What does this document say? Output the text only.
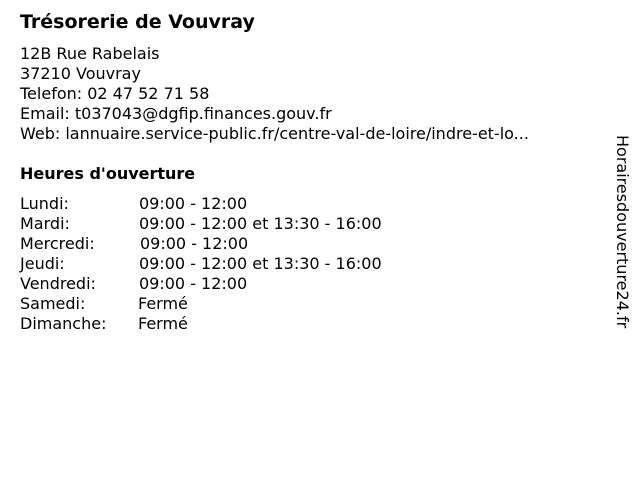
Trésorerie de Vouvray
12B Rue Rabelais
37210 Vouvray
Telefon: 02 47 52 71 58
Email: t037043@dgfip.finances.gouv.fr
Web: lannuaire.service-public.fr/centre-val-de-loire/indre-et-lo...
Heures d'ouverture
Lundi:	09:00 - 12:00
Mardi:	09:00 - 12:00 et 13:30 - 16:00
Mercredi:	09:00 - 12:00
Jeudi:	09:00 - 12:00 et 13:30 - 16:00
Vendredi:	09:00 - 12:00
Samedi:	Fermé
Dimanche: Fermé	Horairesdouverture24.fr
